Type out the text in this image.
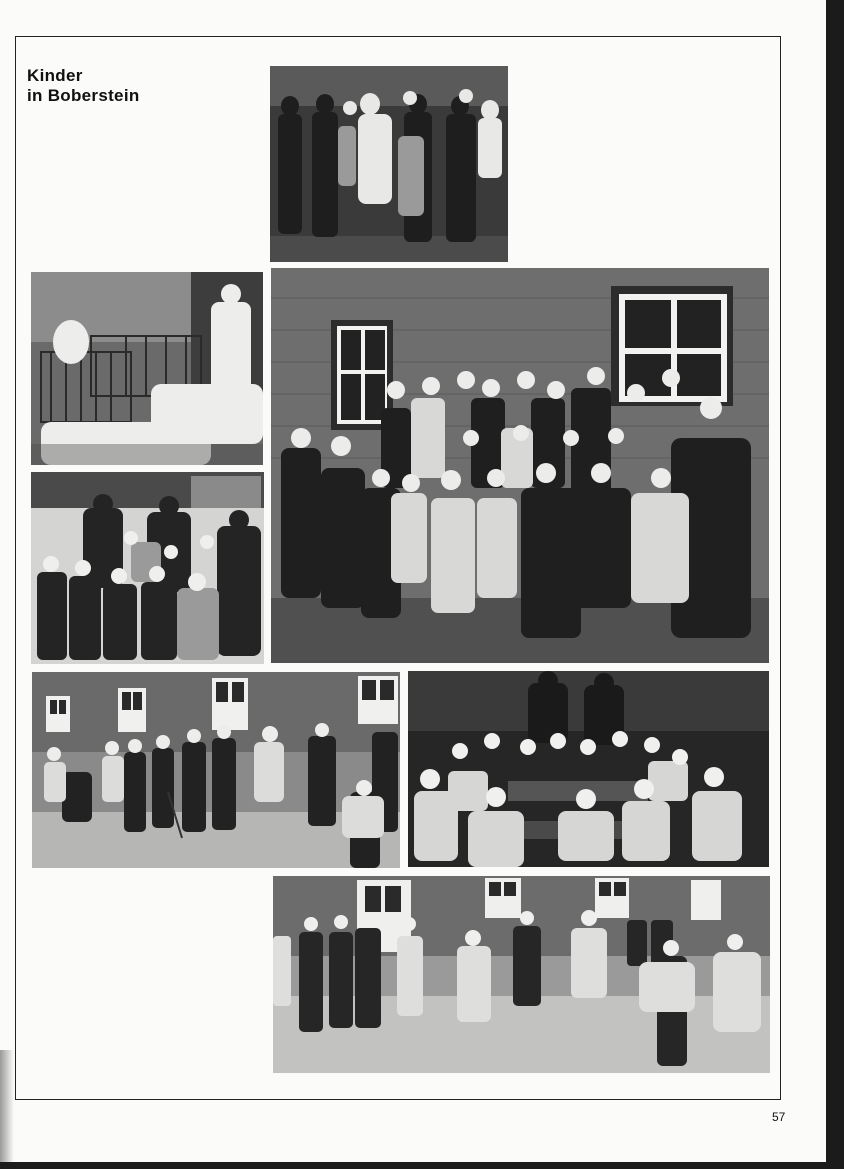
Kinder
in Boberstein
57
